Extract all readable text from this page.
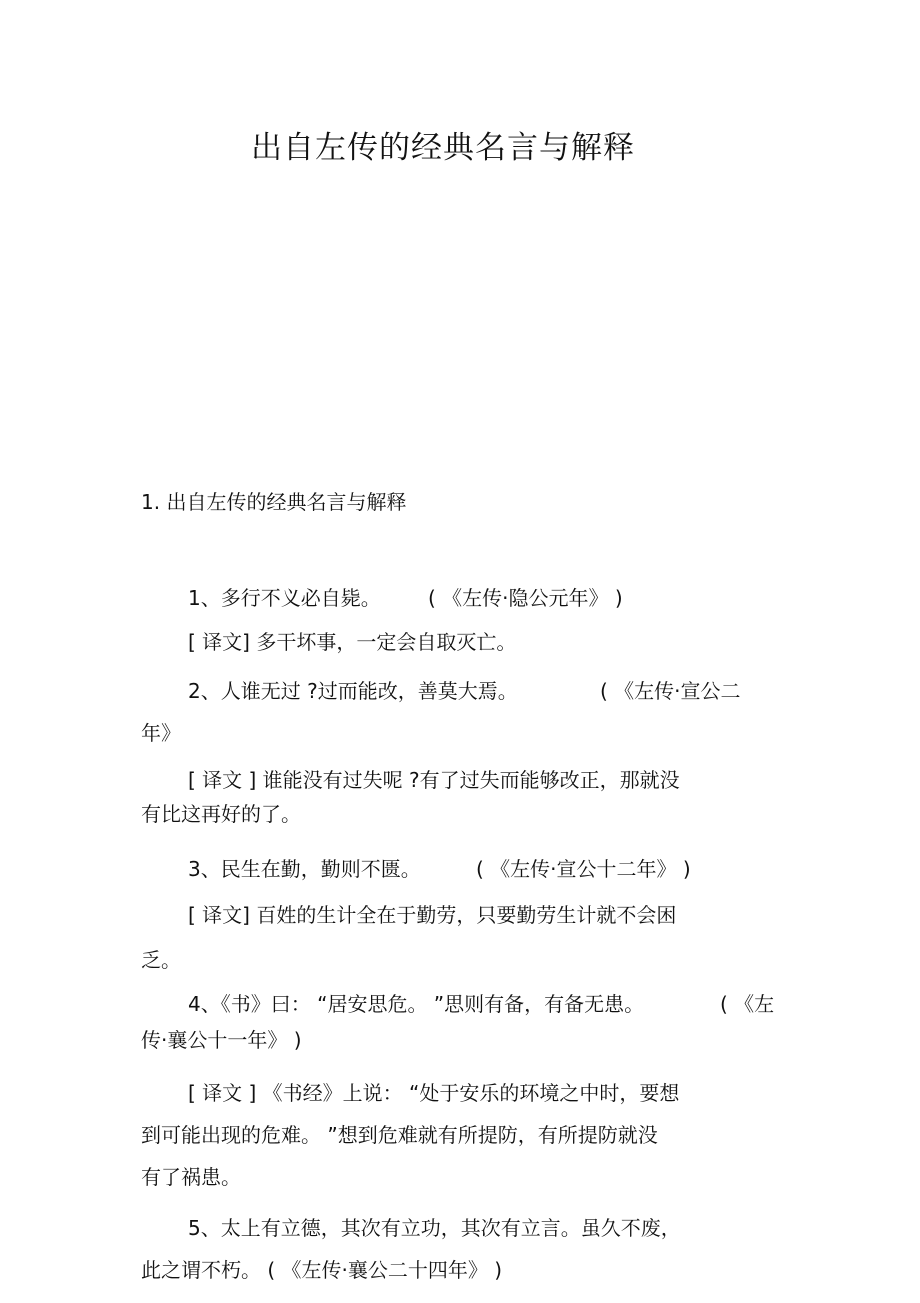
出自左传的经典名言与解释
1. 出自左传的经典名言与解释
1、多行不义必自毙。 ( 《左传·隐公元年》 )
[ 译文] 多干坏事，一定会自取灭亡。
2、人谁无过 ?过而能改，善莫大焉。	( 《左传·宣公二
年》
[ 译文 ] 谁能没有过失呢 ?有了过失而能够改正，那就没
有比这再好的了。
3、民生在勤，勤则不匮。	( 《左传·宣公十二年》 )
[ 译文] 百姓的生计全在于勤劳，只要勤劳生计就不会困
乏。
4、《书》曰： “居安思危。 ”思则有备，有备无患。	( 《左
传·襄公十一年》 )
[ 译文 ] 《书经》上说： “处于安乐的环境之中时，要想
到可能出现的危难。 ”想到危难就有所提防，有所提防就没
有了祸患。
5、太上有立德，其次有立功，其次有立言。虽久不废，
此之谓不朽。 ( 《左传·襄公二十四年》 )
